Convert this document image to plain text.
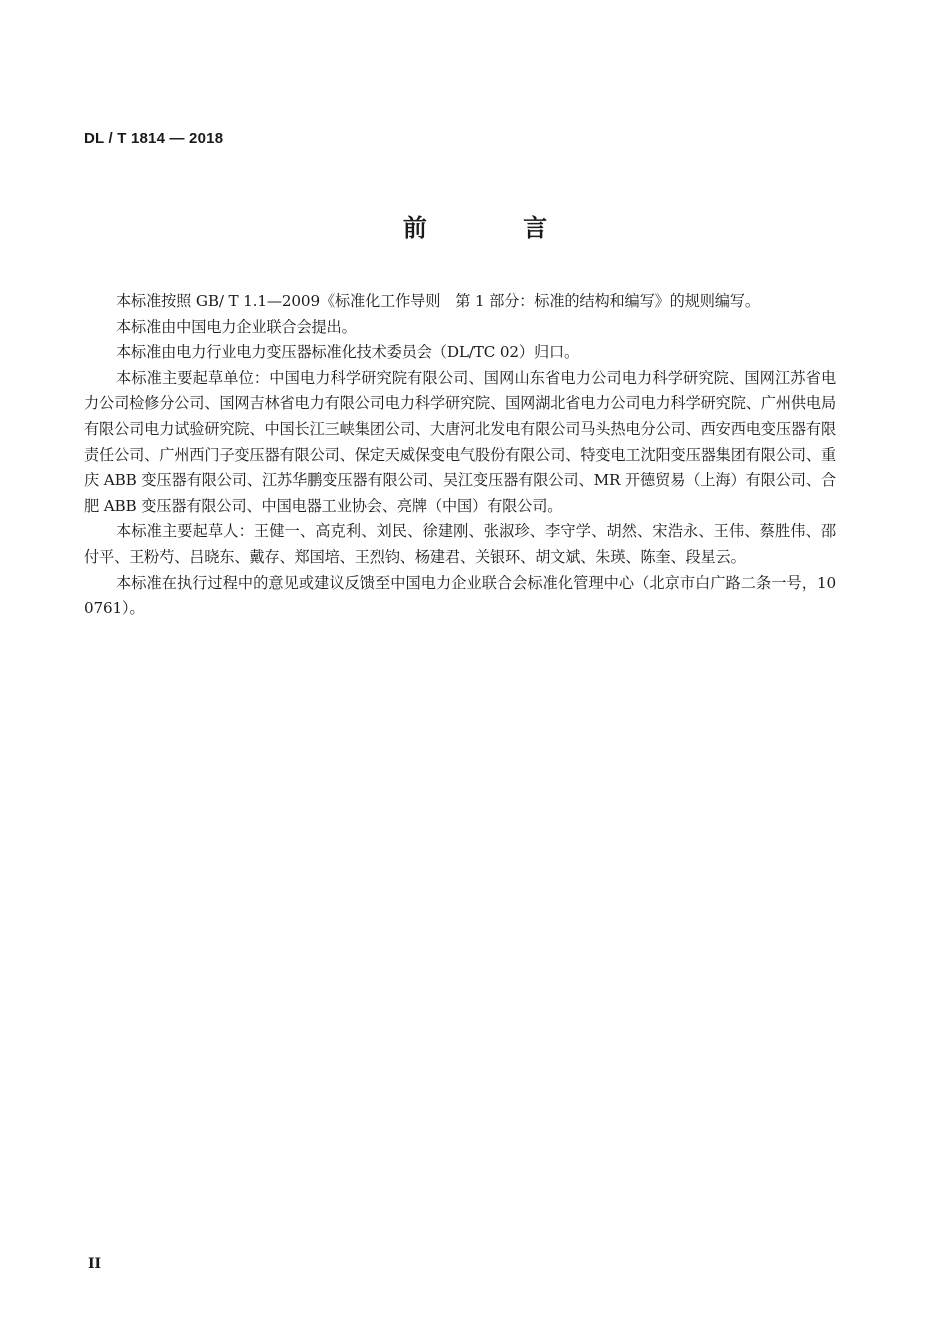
DL / T 1814 — 2018
前 言

本标准按照 GB/ T 1.1—2009《标准化工作导则　第 1 部分：标准的结构和编写》的规则编写。

本标准由中国电力企业联合会提出。

本标准由电力行业电力变压器标准化技术委员会（DL/TC 02）归口。

本标准主要起草单位：中国电力科学研究院有限公司、国网山东省电力公司电力科学研究院、国网江苏省电力公司检修分公司、国网吉林省电力有限公司电力科学研究院、国网湖北省电力公司电力科学研究院、广州供电局有限公司电力试验研究院、中国长江三峡集团公司、大唐河北发电有限公司马头热电分公司、西安西电变压器有限责任公司、广州西门子变压器有限公司、保定天威保变电气股份有限公司、特变电工沈阳变压器集团有限公司、重庆 ABB 变压器有限公司、江苏华鹏变压器有限公司、吴江变压器有限公司、MR 开德贸易（上海）有限公司、合肥 ABB 变压器有限公司、中国电器工业协会、亮牌（中国）有限公司。

本标准主要起草人：王健一、高克利、刘民、徐建刚、张淑珍、李守学、胡然、宋浩永、王伟、蔡胜伟、邵付平、王粉芍、吕晓东、戴存、郑国培、王烈钧、杨建君、关银环、胡文斌、朱瑛、陈奎、段星云。

本标准在执行过程中的意见或建议反馈至中国电力企业联合会标准化管理中心（北京市白广路二条一号，100761）。

II
